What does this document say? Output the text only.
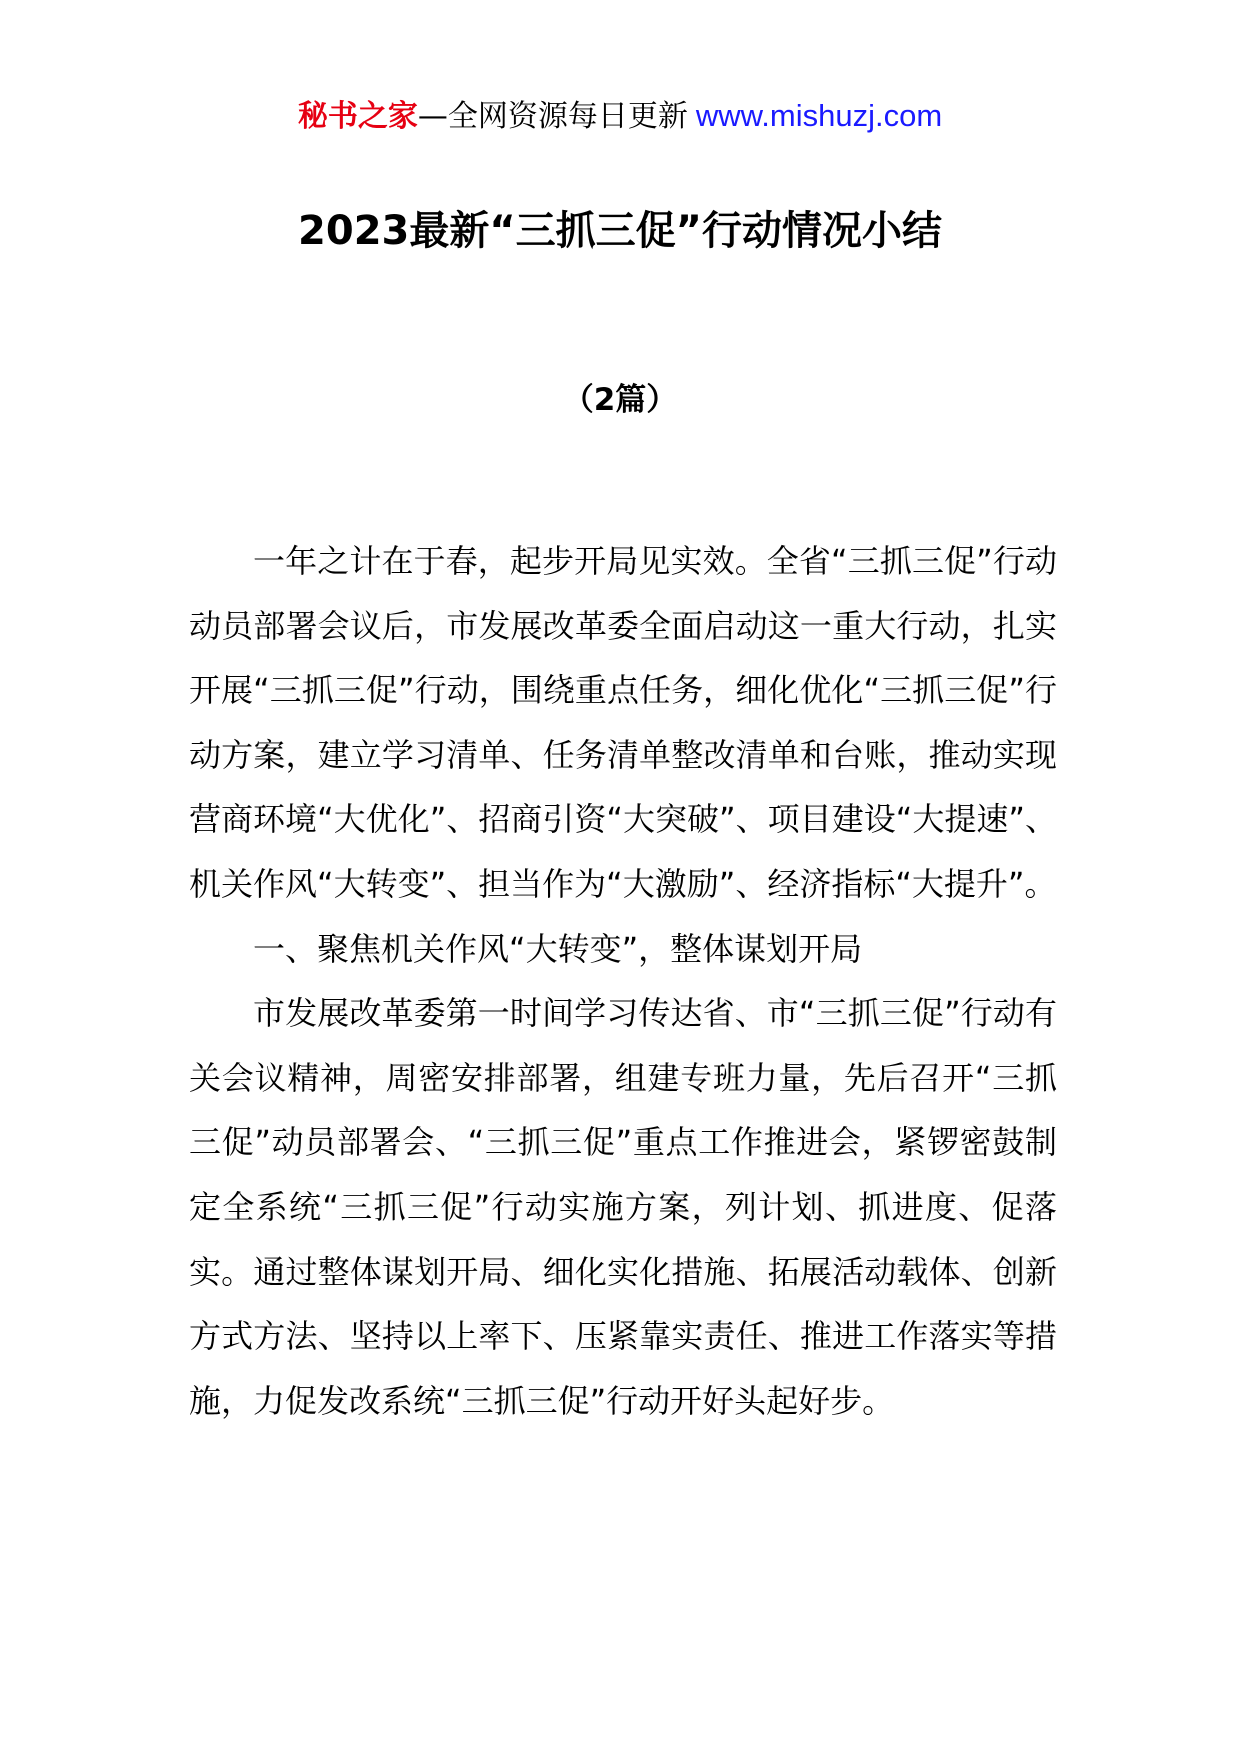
秘书之家—全网资源每日更新 www.mishuzj.com
2023最新“三抓三促”行动情况小结
（2篇）

一年之计在于春，起步开局见实效。全省“三抓三促”行动动员部署会议后，市发展改革委全面启动这一重大行动，扎实开展“三抓三促”行动，围绕重点任务，细化优化“三抓三促”行动方案，建立学习清单、任务清单整改清单和台账，推动实现营商环境“大优化”、招商引资“大突破”、项目建设“大提速”、机关作风“大转变”、担当作为“大激励”、经济指标“大提升”。

一、聚焦机关作风“大转变”，整体谋划开局

市发展改革委第一时间学习传达省、市“三抓三促”行动有关会议精神，周密安排部署，组建专班力量，先后召开“三抓三促”动员部署会、“三抓三促”重点工作推进会，紧锣密鼓制定全系统“三抓三促”行动实施方案，列计划、抓进度、促落实。通过整体谋划开局、细化实化措施、拓展活动载体、创新方式方法、坚持以上率下、压紧靠实责任、推进工作落实等措施，力促发改系统“三抓三促”行动开好头起好步。
